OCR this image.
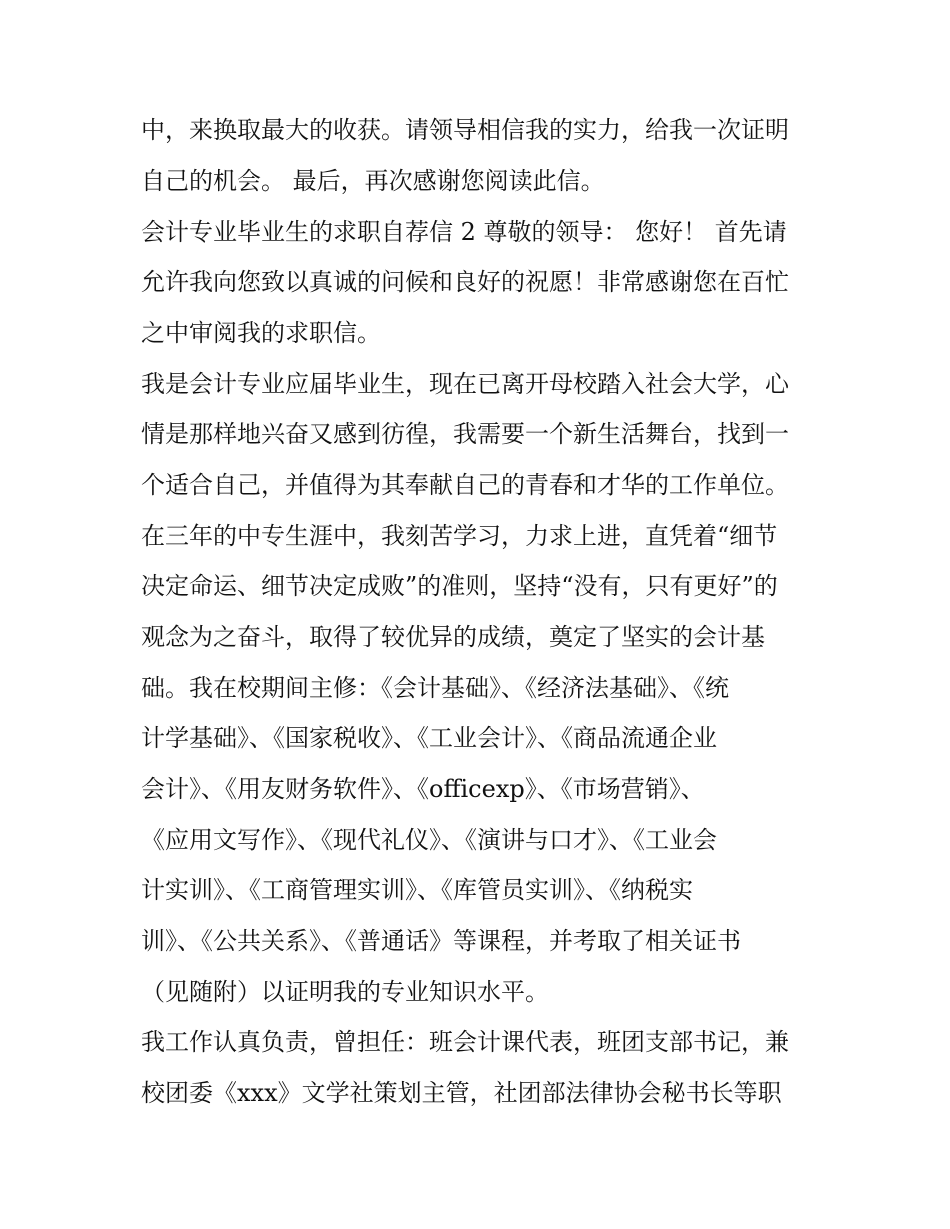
中，来换取最大的收获。请领导相信我的实力，给我一次证明
自己的机会。 最后，再次感谢您阅读此信。
会计专业毕业生的求职自荐信 2 尊敬的领导： 您好！ 首先请
允许我向您致以真诚的问候和良好的祝愿！非常感谢您在百忙
之中审阅我的求职信。
我是会计专业应届毕业生，现在已离开母校踏入社会大学，心
情是那样地兴奋又感到彷徨，我需要一个新生活舞台，找到一
个适合自己，并值得为其奉献自己的青春和才华的工作单位。
在三年的中专生涯中，我刻苦学习，力求上进，直凭着“细节
决定命运、细节决定成败”的准则，坚持“没有，只有更好”的
观念为之奋斗，取得了较优异的成绩，奠定了坚实的会计基
础。我在校期间主修：《会计基础》、《经济法基础》、《统
计学基础》、《国家税收》、《工业会计》、《商品流通企业
会计》、《用友财务软件》、《officexp》、《市场营销》、
《应用文写作》、《现代礼仪》、《演讲与口才》、《工业会
计实训》、《工商管理实训》、《库管员实训》、《纳税实
训》、《公共关系》、《普通话》等课程，并考取了相关证书
（见随附）以证明我的专业知识水平。
我工作认真负责，曾担任：班会计课代表，班团支部书记，兼
校团委《xxx》文学社策划主管，社团部法律协会秘书长等职
